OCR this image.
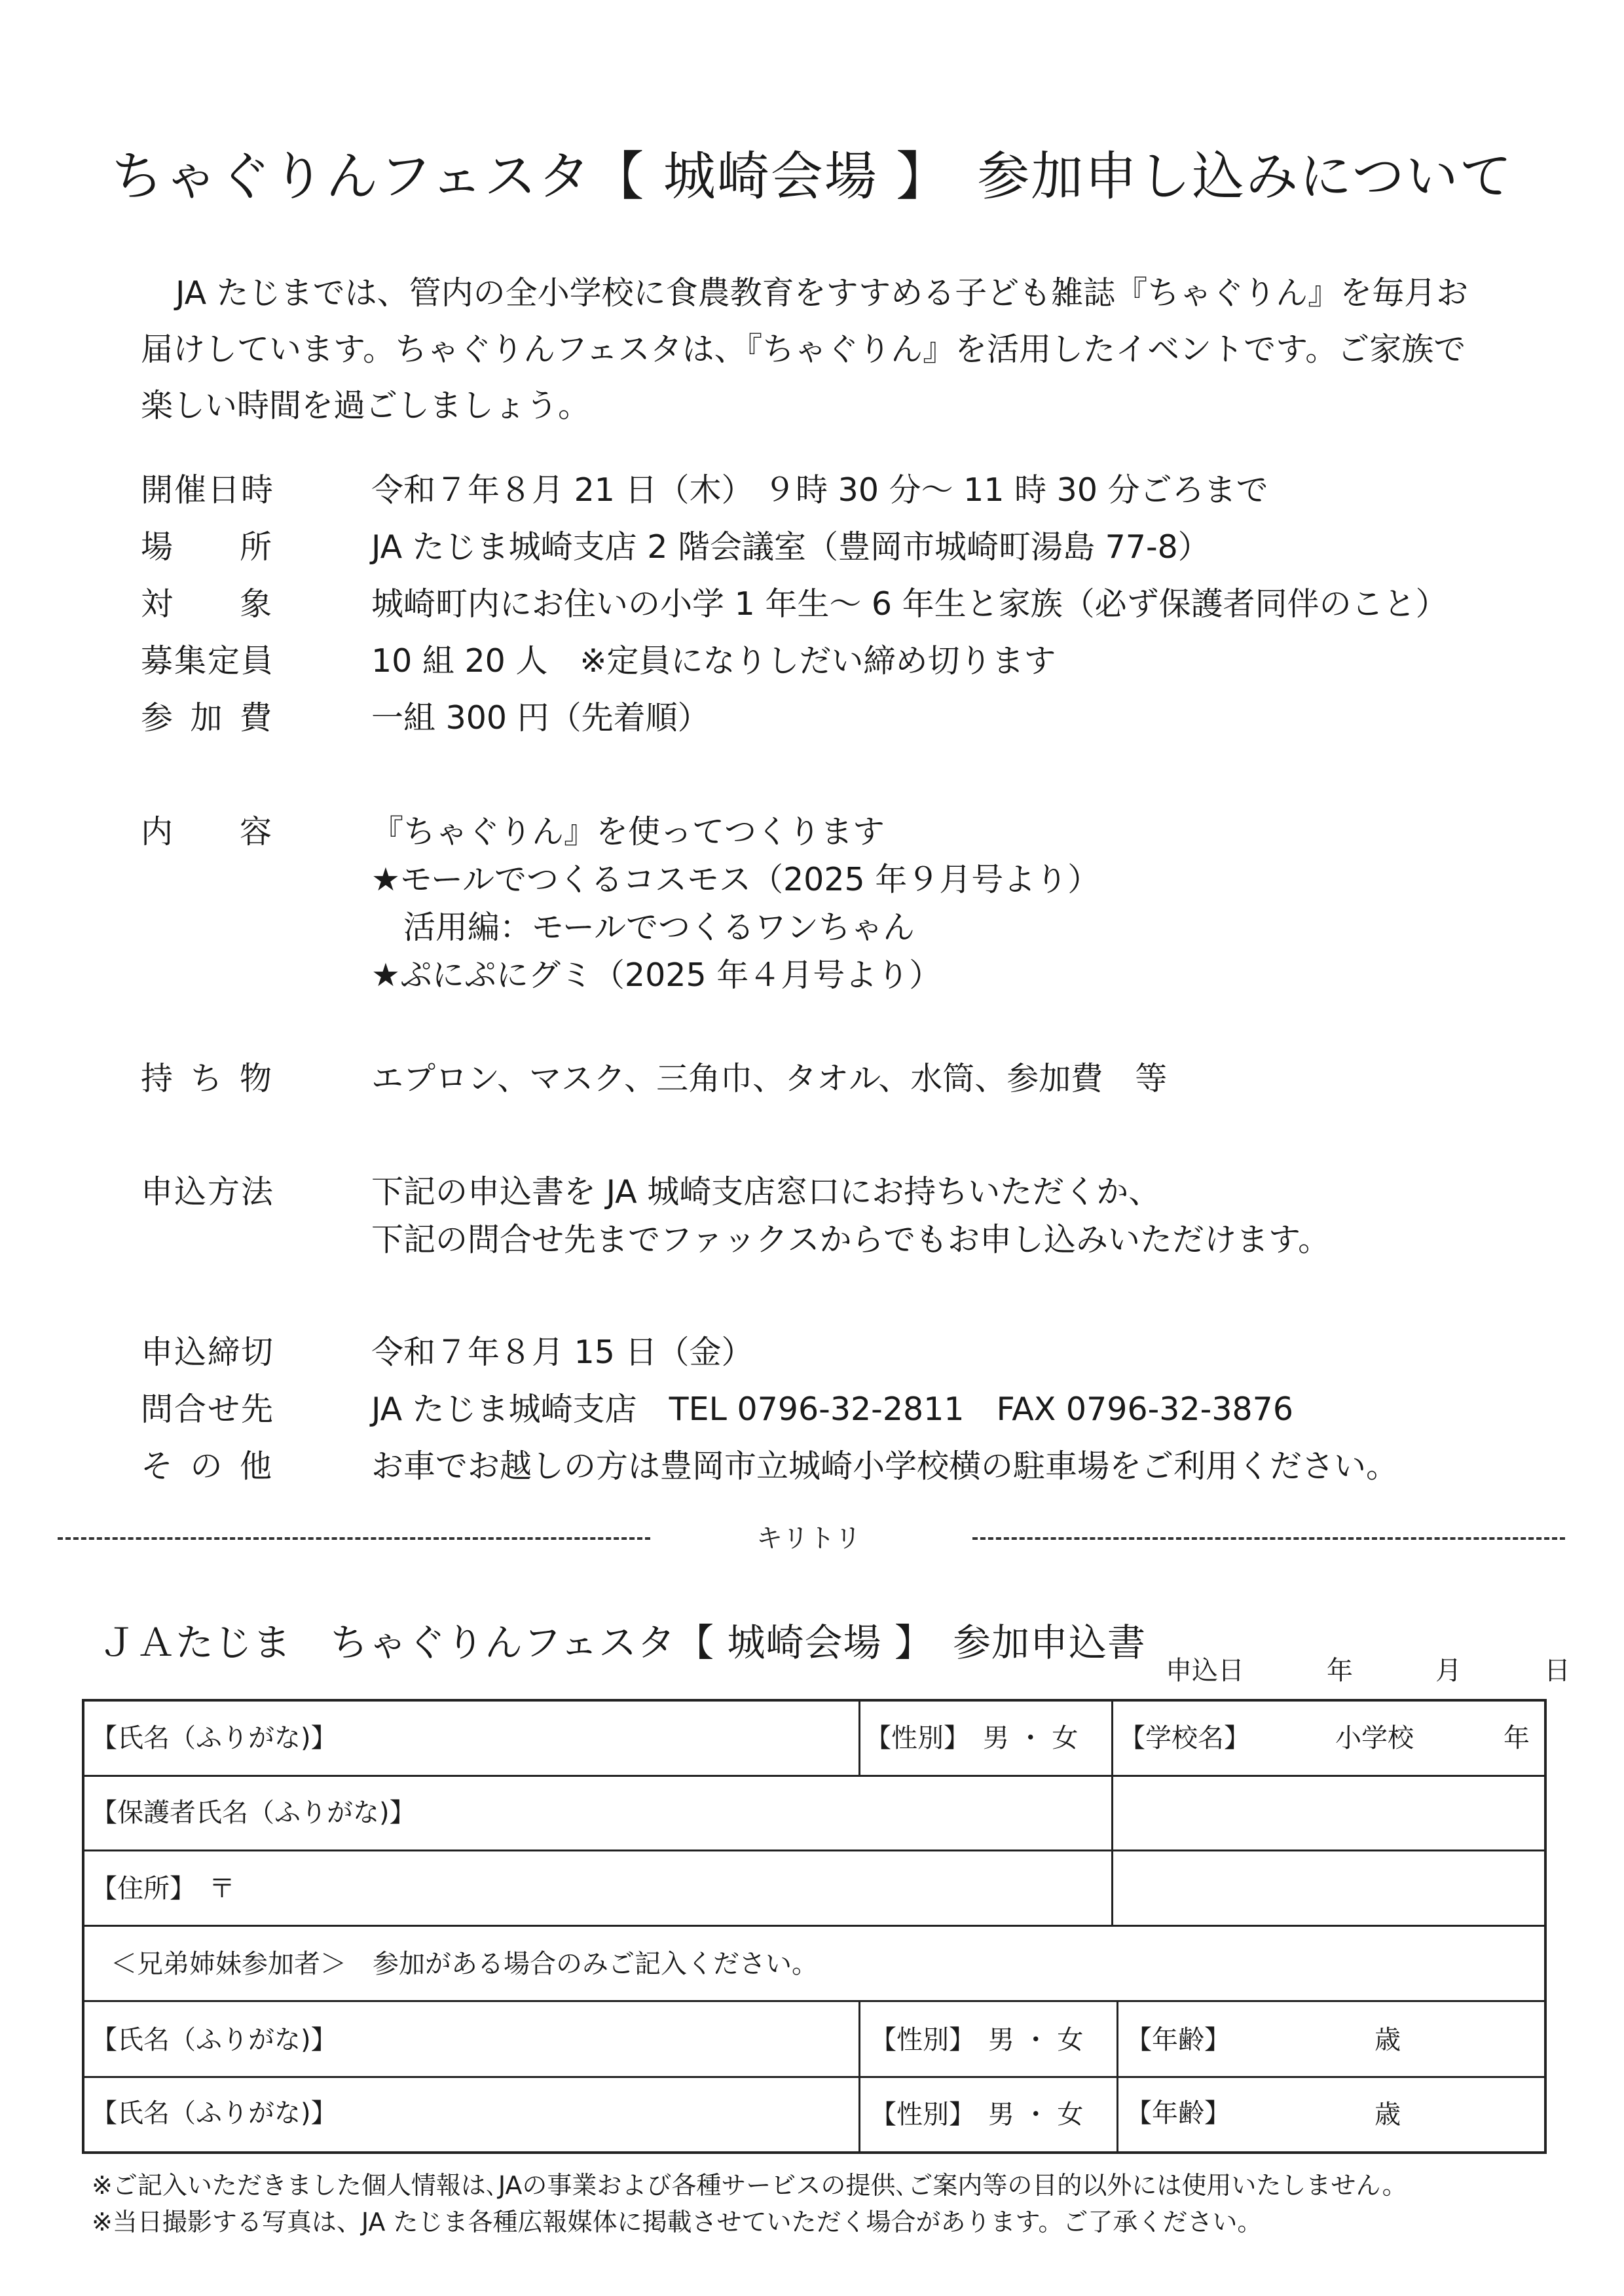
ちゃぐりんフェスタ【 城崎会場 】　参加申し込みについて

JA たじまでは、管内の全小学校に食農教育をすすめる子ども雑誌『ちゃぐりん』を毎月お届けしています。ちゃぐりんフェスタは、『ちゃぐりん』を活用したイベントです。ご家族で楽しい時間を過ごしましょう。

開催日時	令和７年８月 21 日（木） ９時 30 分～ 11 時 30 分ごろまで
場 所	JA たじま城崎支店 2 階会議室（豊岡市城崎町湯島 77-8）
対 象	城崎町内にお住いの小学 1 年生～ 6 年生と家族（必ず保護者同伴のこと）
募集定員	10 組 20 人　※定員になりしだい締め切ります
参 加 費	一組 300 円（先着順）
内 容	『ちゃぐりん』を使ってつくります
★モールでつくるコスモス（2025 年９月号より）
　活用編：モールでつくるワンちゃん
★ぷにぷにグミ（2025 年４月号より）
持 ち 物	エプロン、マスク、三角巾、タオル、水筒、参加費　等
申込方法	下記の申込書を JA 城崎支店窓口にお持ちいただくか、
下記の問合せ先までファックスからでもお申し込みいただけます。
申込締切	令和７年８月 15 日（金）
問合せ先	JA たじま城崎支店　TEL 0796-32-2811　FAX 0796-32-3876
そ の 他	お車でお越しの方は豊岡市立城崎小学校横の駐車場をご利用ください。
キリトリ
ＪＡたじま　ちゃぐりんフェスタ【 城崎会場 】　参加申込書
申込日	年	月	日
【氏名（ふりがな)】	【性別】　男 ・ 女 【学校名】	小学校	年
【保護者氏名（ふりがな)】
【住所】　〒
＜兄弟姉妹参加者＞　参加がある場合のみご記入ください。
【氏名（ふりがな)】	【性別】　男 ・ 女 【年齢】	歳
【氏名（ふりがな)】	【性別】　男 ・ 女 【年齢】	歳
※ご記入いただきました個人情報は､JAの事業および各種サービスの提供､ご案内等の目的以外には使用いたしません。
※当日撮影する写真は、JA たじま各種広報媒体に掲載させていただく場合があります。ご了承ください。
